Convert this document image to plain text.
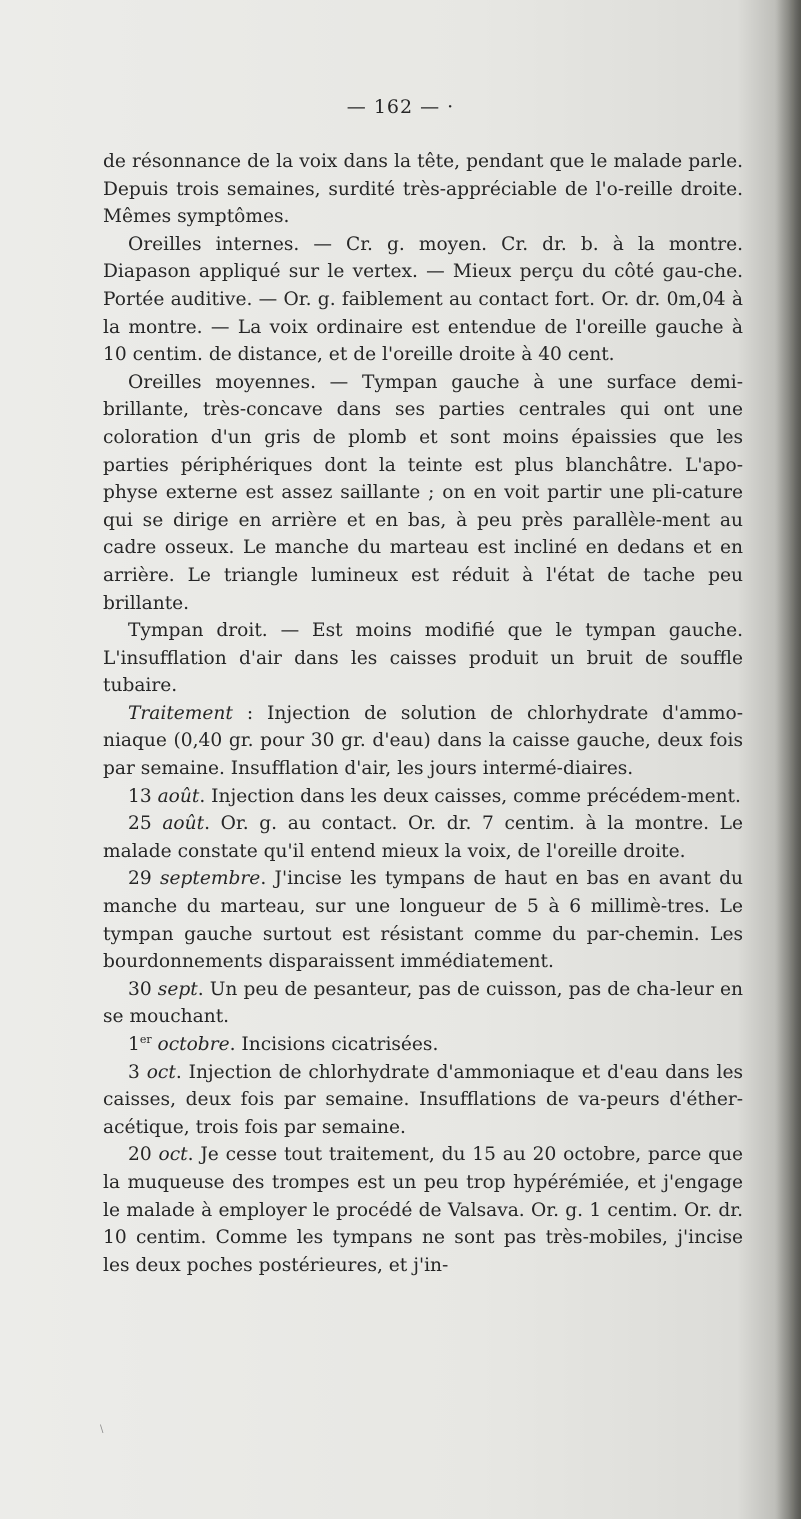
— 162 — ·

de résonnance de la voix dans la tête, pendant que le malade parle. Depuis trois semaines, surdité très-appréciable de l'o-reille droite. Mêmes symptômes.

Oreilles internes. — Cr. g. moyen. Cr. dr. b. à la montre. Diapason appliqué sur le vertex. — Mieux perçu du côté gau-che. Portée auditive. — Or. g. faiblement au contact fort. Or. dr. 0m,04 à la montre. — La voix ordinaire est entendue de l'oreille gauche à 10 centim. de distance, et de l'oreille droite à 40 cent.

Oreilles moyennes. — Tympan gauche à une surface demi-brillante, très-concave dans ses parties centrales qui ont une coloration d'un gris de plomb et sont moins épaissies que les parties périphériques dont la teinte est plus blanchâtre. L'apo-physe externe est assez saillante ; on en voit partir une pli-cature qui se dirige en arrière et en bas, à peu près parallèle-ment au cadre osseux. Le manche du marteau est incliné en dedans et en arrière. Le triangle lumineux est réduit à l'état de tache peu brillante.

Tympan droit. — Est moins modifié que le tympan gauche. L'insufflation d'air dans les caisses produit un bruit de souffle tubaire.

Traitement : Injection de solution de chlorhydrate d'ammo-niaque (0,40 gr. pour 30 gr. d'eau) dans la caisse gauche, deux fois par semaine. Insufflation d'air, les jours intermé-diaires.

13 août. Injection dans les deux caisses, comme précédem-ment.

25 août. Or. g. au contact. Or. dr. 7 centim. à la montre. Le malade constate qu'il entend mieux la voix, de l'oreille droite.

29 septembre. J'incise les tympans de haut en bas en avant du manche du marteau, sur une longueur de 5 à 6 millimè-tres. Le tympan gauche surtout est résistant comme du par-chemin. Les bourdonnements disparaissent immédiatement.

30 sept. Un peu de pesanteur, pas de cuisson, pas de cha-leur en se mouchant.

1er octobre. Incisions cicatrisées.

3 oct. Injection de chlorhydrate d'ammoniaque et d'eau dans les caisses, deux fois par semaine. Insufflations de va-peurs d'éther-acétique, trois fois par semaine.

20 oct. Je cesse tout traitement, du 15 au 20 octobre, parce que la muqueuse des trompes est un peu trop hypérémiée, et j'engage le malade à employer le procédé de Valsava. Or. g. 1 centim. Or. dr. 10 centim. Comme les tympans ne sont pas très-mobiles, j'incise les deux poches postérieures, et j'in-

\
